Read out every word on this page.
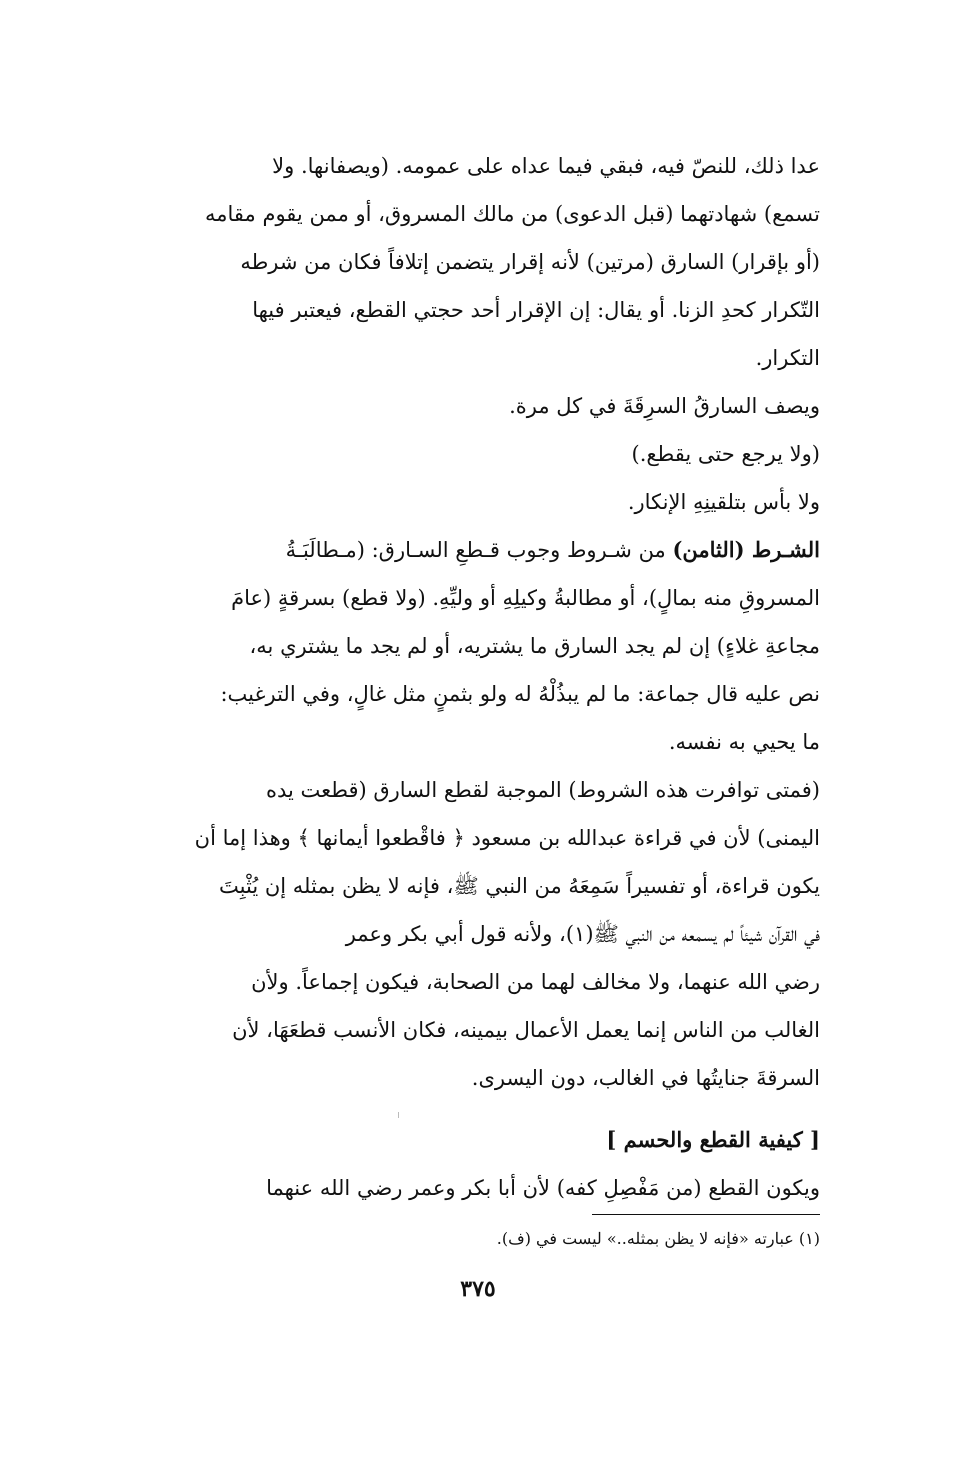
عدا ذلك، للنصّ فيه، فبقي فيما عداه على عمومه. (ويصفانها. ولا
تسمع) شهادتهما (قبل الدعوى) من مالك المسروق، أو ممن يقوم مقامه
(أو بإقرار) السارق (مرتين) لأنه إقرار يتضمن إتلافاً فكان من شرطه
التّكرار كحدِ الزنا. أو يقال: إن الإقرار أحد حجتي القطع، فيعتبر فيها
التكرار.
ويصف السارقُ السرِقَةَ في كل مرة.
(ولا يرجع حتى يقطع.)
ولا بأس بتلقينِهِ الإنكار.
الشـرط (الثامن) من شـروط وجوب قـطعِ السـارق: (مـطالَبَـةُ
المسروقِ منه بمالٍ)، أو مطالبةُ وكيلِهِ أو وليِّهِ. (ولا قطع) بسرقةٍ (عامَ
مجاعةِ غلاءٍ) إن لم يجد السارق ما يشتريه، أو لم يجد ما يشتري به،
نص عليه قال جماعة: ما لم يبذُلْهُ له ولو بثمنٍ مثل غالٍ، وفي الترغيب:
ما يحيي به نفسه.
(فمتى توافرت هذه الشروط) الموجبة لقطع السارق (قطعت يده
اليمنى) لأن في قراءة عبدالله بن مسعود ﴿ فاقْطعوا أيمانها ﴾ وهذا إما أن
يكون قراءة، أو تفسيراً سَمِعَهُ من النبي ﷺ، فإنه لا يظن بمثله إن يُثْبِتَ
في القرآن شيئاً لم يسمعه من النبي ﷺ(١)، ولأنه قول أبي بكر وعمر
رضي الله عنهما، ولا مخالف لهما من الصحابة، فيكون إجماعاً. ولأن
الغالب من الناس إنما يعمل الأعمال بيمينه، فكان الأنسب قطعَهَا، لأن
السرقةَ جنايتُها في الغالب، دون اليسرى.
[ كيفية القطع والحسم ]
ويكون القطع (من مَفْصِلِ كفه) لأن أبا بكر وعمر رضي الله عنهما
(١) عبارته «فإنه لا يظن بمثله..» ليست في (ف).
٣٧٥
